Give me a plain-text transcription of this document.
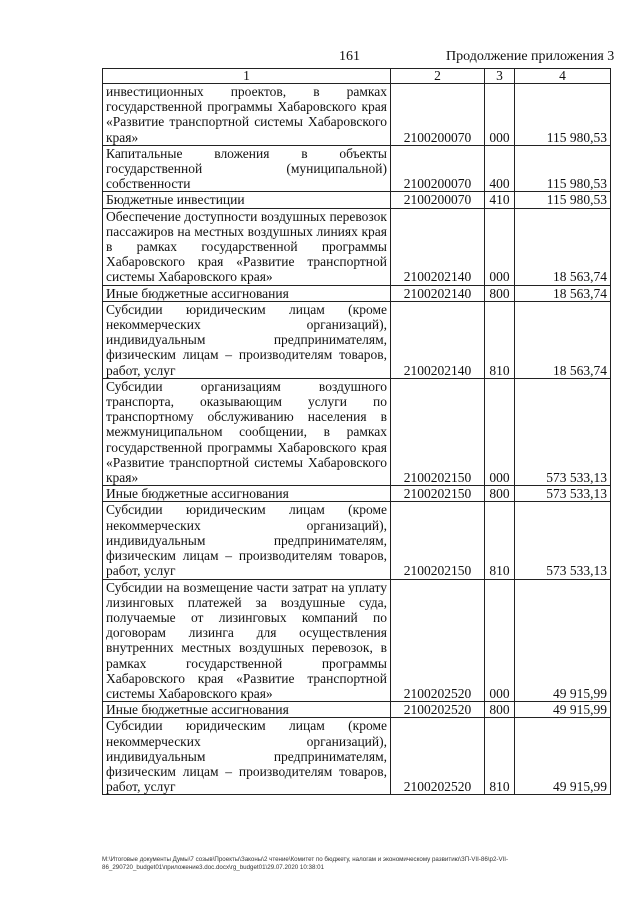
161	Продолжение приложения 3
1	2	3	4
инвестиционных проектов, в рамках государственной программы Хабаровского края «Развитие транспортной системы Хабаровского края»	2100200070	000	115 980,53
Капитальные вложения в объекты государственной (муниципальной) собственности	2100200070	400	115 980,53
Бюджетные инвестиции	2100200070	410	115 980,53
Обеспечение доступности воздушных перевозок пассажиров на местных воздушных линиях края в рамках государственной программы Хабаровского края «Развитие транспортной системы Хабаровского края»	2100202140	000	18 563,74
Иные бюджетные ассигнования	2100202140	800	18 563,74
Субсидии юридическим лицам (кроме некоммерческих организаций), индивидуальным предпринимателям, физическим лицам – производителям товаров, работ, услуг	2100202140	810	18 563,74
Субсидии организациям воздушного транспорта, оказывающим услуги по транспортному обслуживанию населения в межмуниципальном сообщении, в рамках государственной программы Хабаровского края «Развитие транспортной системы Хабаровского края»	2100202150	000	573 533,13
Иные бюджетные ассигнования	2100202150	800	573 533,13
Субсидии юридическим лицам (кроме некоммерческих организаций), индивидуальным предпринимателям, физическим лицам – производителям товаров, работ, услуг	2100202150	810	573 533,13
Субсидии на возмещение части затрат на уплату лизинговых платежей за воздушные суда, получаемые от лизинговых компаний по договорам лизинга для осуществления внутренних местных воздушных перевозок, в рамках государственной программы Хабаровского края «Развитие транспортной системы Хабаровского края»	2100202520	000	49 915,99
Иные бюджетные ассигнования	2100202520	800	49 915,99
Субсидии юридическим лицам (кроме некоммерческих организаций), индивидуальным предпринимателям, физическим лицам – производителям товаров, работ, услуг	2100202520	810	49 915,99
М:\Итоговые документы Думы\7 созыв\Проекты\Законы\2 чтение\Комитет по бюджету, налогам и экономическому развитию\ЗП-VII-86\р2-VII-86_290720_budget01\приложение3.doc.docx\rg_budget01\29.07.2020 10:38:01
